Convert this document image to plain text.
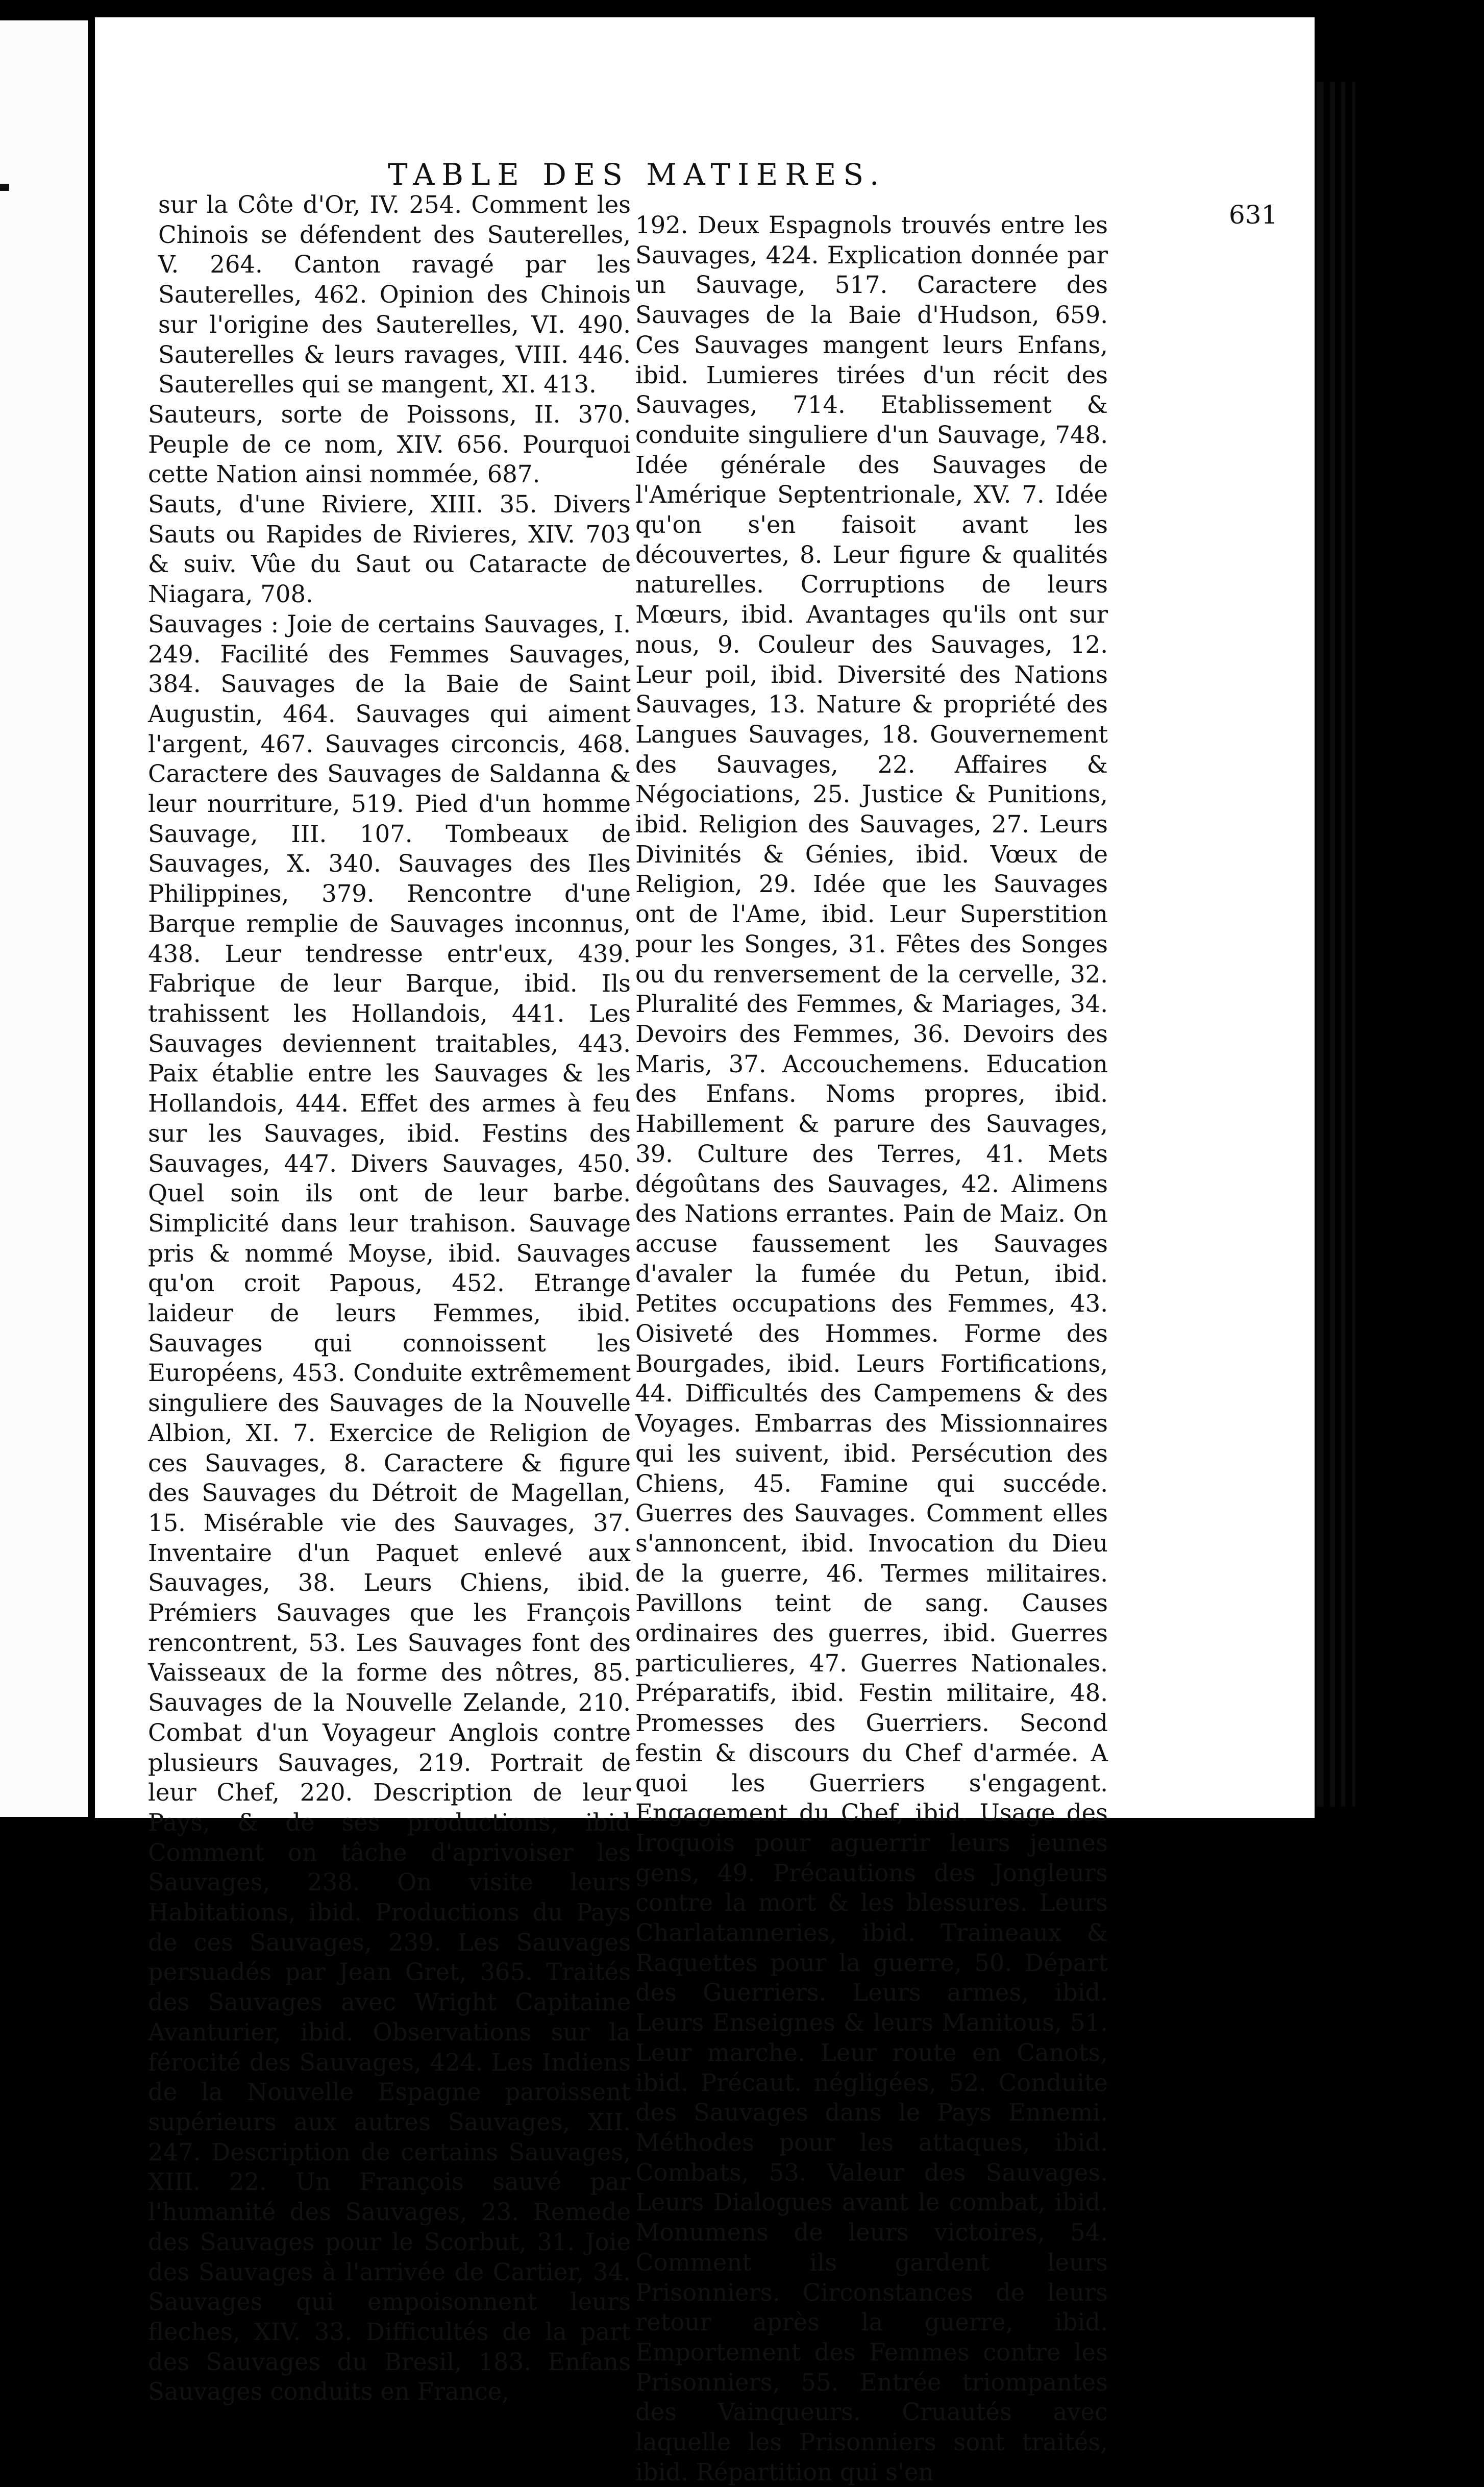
TABLE DES MATIERES.
631

sur la Côte d'Or, IV. 254. Comment les Chinois se défendent des Sauterelles, V. 264. Canton ravagé par les Sauterelles, 462. Opinion des Chinois sur l'origine des Sauterelles, VI. 490. Sauterelles & leurs ravages, VIII. 446. Sauterelles qui se mangent, XI. 413.

Sauteurs, sorte de Poissons, II. 370. Peuple de ce nom, XIV. 656. Pourquoi cette Nation ainsi nommée, 687.

Sauts, d'une Riviere, XIII. 35. Divers Sauts ou Rapides de Rivieres, XIV. 703 & suiv. Vûe du Saut ou Cataracte de Niagara, 708.

Sauvages : Joie de certains Sauvages, I. 249. Facilité des Femmes Sauvages, 384. Sauvages de la Baie de Saint Augustin, 464. Sauvages qui aiment l'argent, 467. Sauvages circoncis, 468. Caractere des Sauvages de Saldanna & leur nourriture, 519. Pied d'un homme Sauvage, III. 107. Tombeaux de Sauvages, X. 340. Sauvages des Iles Philippines, 379. Rencontre d'une Barque remplie de Sauvages inconnus, 438. Leur tendresse entr'eux, 439. Fabrique de leur Barque, ibid. Ils trahissent les Hollandois, 441. Les Sauvages deviennent traitables, 443. Paix établie entre les Sauvages & les Hollandois, 444. Effet des armes à feu sur les Sauvages, ibid. Festins des Sauvages, 447. Divers Sauvages, 450. Quel soin ils ont de leur barbe. Simplicité dans leur trahison. Sauvage pris & nommé Moyse, ibid. Sauvages qu'on croit Papous, 452. Etrange laideur de leurs Femmes, ibid. Sauvages qui connoissent les Européens, 453. Conduite extrêmement singuliere des Sauvages de la Nouvelle Albion, XI. 7. Exercice de Religion de ces Sauvages, 8. Caractere & figure des Sauvages du Détroit de Magellan, 15. Misérable vie des Sauvages, 37. Inventaire d'un Paquet enlevé aux Sauvages, 38. Leurs Chiens, ibid. Prémiers Sauvages que les François rencontrent, 53. Les Sauvages font des Vaisseaux de la forme des nôtres, 85. Sauvages de la Nouvelle Zelande, 210. Combat d'un Voyageur Anglois contre plusieurs Sauvages, 219. Portrait de leur Chef, 220. Description de leur Pays, & de ses productions, ibid Comment on tâche d'aprivoiser les Sauvages, 238. On visite leurs Habitations, ibid. Productions du Pays de ces Sauvages, 239. Les Sauvages persuadés par Jean Gret, 365. Traités des Sauvages avec Wright Capitaine Avanturier, ibid. Observations sur la férocité des Sauvages, 424. Les Indiens de la Nouvelle Espagne paroissent supérieurs aux autres Sauvages, XII. 247. Description de certains Sauvages, XIII. 22. Un François sauvé par l'humanité des Sauvages, 23. Remede des Sauvages pour le Scorbut, 31. Joie des Sauvages à l'arrivée de Cartier, 34. Sauvages qui empoisonnent leurs fleches, XIV. 33. Difficultés de la part des Sauvages du Bresil, 183. Enfans Sauvages conduits en France,

192. Deux Espagnols trouvés entre les Sauvages, 424. Explication donnée par un Sauvage, 517. Caractere des Sauvages de la Baie d'Hudson, 659. Ces Sauvages mangent leurs Enfans, ibid. Lumieres tirées d'un récit des Sauvages, 714. Etablissement & conduite singuliere d'un Sauvage, 748. Idée générale des Sauvages de l'Amérique Septentrionale, XV. 7. Idée qu'on s'en faisoit avant les découvertes, 8. Leur figure & qualités naturelles. Corruptions de leurs Mœurs, ibid. Avantages qu'ils ont sur nous, 9. Couleur des Sauvages, 12. Leur poil, ibid. Diversité des Nations Sauvages, 13. Nature & propriété des Langues Sauvages, 18. Gouvernement des Sauvages, 22. Affaires & Négociations, 25. Justice & Punitions, ibid. Religion des Sauvages, 27. Leurs Divinités & Génies, ibid. Vœux de Religion, 29. Idée que les Sauvages ont de l'Ame, ibid. Leur Superstition pour les Songes, 31. Fêtes des Songes ou du renversement de la cervelle, 32. Pluralité des Femmes, & Mariages, 34. Devoirs des Femmes, 36. Devoirs des Maris, 37. Accouchemens. Education des Enfans. Noms propres, ibid. Habillement & parure des Sauvages, 39. Culture des Terres, 41. Mets dégoûtans des Sauvages, 42. Alimens des Nations errantes. Pain de Maiz. On accuse faussement les Sauvages d'avaler la fumée du Petun, ibid. Petites occupations des Femmes, 43. Oisiveté des Hommes. Forme des Bourgades, ibid. Leurs Fortifications, 44. Difficultés des Campemens & des Voyages. Embarras des Missionnaires qui les suivent, ibid. Persécution des Chiens, 45. Famine qui succéde. Guerres des Sauvages. Comment elles s'annoncent, ibid. Invocation du Dieu de la guerre, 46. Termes militaires. Pavillons teint de sang. Causes ordinaires des guerres, ibid. Guerres particulieres, 47. Guerres Nationales. Préparatifs, ibid. Festin militaire, 48. Promesses des Guerriers. Second festin & discours du Chef d'armée. A quoi les Guerriers s'engagent. Engagement du Chef, ibid. Usage des Iroquois pour aguerrir leurs jeunes gens, 49. Précautions des Jongleurs contre la mort & les blessures. Leurs Charlatanneries, ibid. Traineaux & Raquettes pour la guerre, 50. Départ des Guerriers. Leurs armes, ibid. Leurs Enseignes & leurs Manitous, 51. Leur marche. Leur route en Canots, ibid. Précaut. négligées, 52. Conduite des Sauvages dans le Pays Ennemi. Méthodes pour les attaques, ibid. Combats, 53. Valeur des Sauvages. Leurs Dialogues avant le combat, ibid. Monumens de leurs victoires, 54. Comment ils gardent leurs Prisonniers. Circonstances de leurs retour après la guerre, ibid. Emportement des Femmes contre les Prisonniers, 55. Entrée triompantes des Vainqueurs. Cruautés avec laquelle les Prisonniers sont traités, ibid. Répartition qui s'en
